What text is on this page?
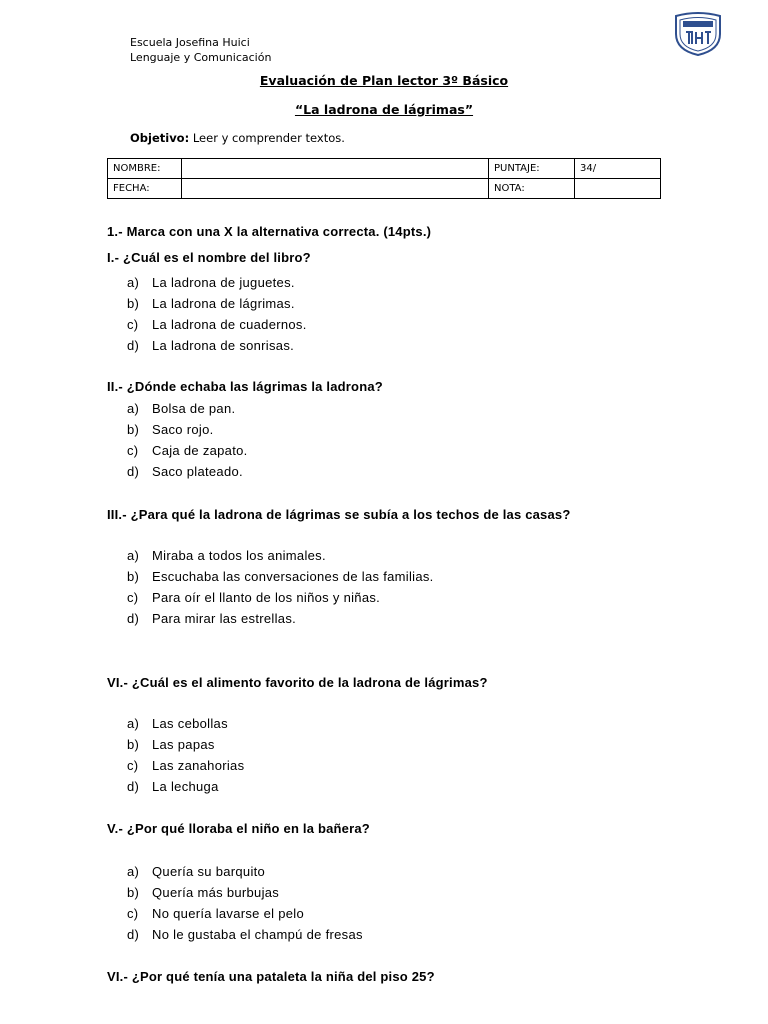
Escuela Josefina Huici
Lenguaje y Comunicación
Evaluación de Plan lector 3º Básico
“La ladrona de lágrimas”
Objetivo: Leer y comprender textos.
NOMBRE:		PUNTAJE:	34/
FECHA:		NOTA:	
1.- Marca con una X la alternativa correcta. (14pts.)
I.- ¿Cuál es el nombre del libro?
a) La ladrona de juguetes.
b) La ladrona de lágrimas.
c) La ladrona de cuadernos.
d) La ladrona de sonrisas.
II.- ¿Dónde echaba las lágrimas la ladrona?
a) Bolsa de pan.
b) Saco rojo.
c) Caja de zapato.
d) Saco plateado.
III.- ¿Para qué la ladrona de lágrimas se subía a los techos de las casas?
a) Miraba a todos los animales.
b) Escuchaba las conversaciones de las familias.
c) Para oír el llanto de los niños y niñas.
d) Para mirar las estrellas.
VI.- ¿Cuál es el alimento favorito de la ladrona de lágrimas?
a) Las cebollas
b) Las papas
c) Las zanahorias
d) La lechuga
V.- ¿Por qué lloraba el niño en la bañera?
a) Quería su barquito
b) Quería más burbujas
c) No quería lavarse el pelo
d) No le gustaba el champú de fresas
VI.- ¿Por qué tenía una pataleta la niña del piso 25?
